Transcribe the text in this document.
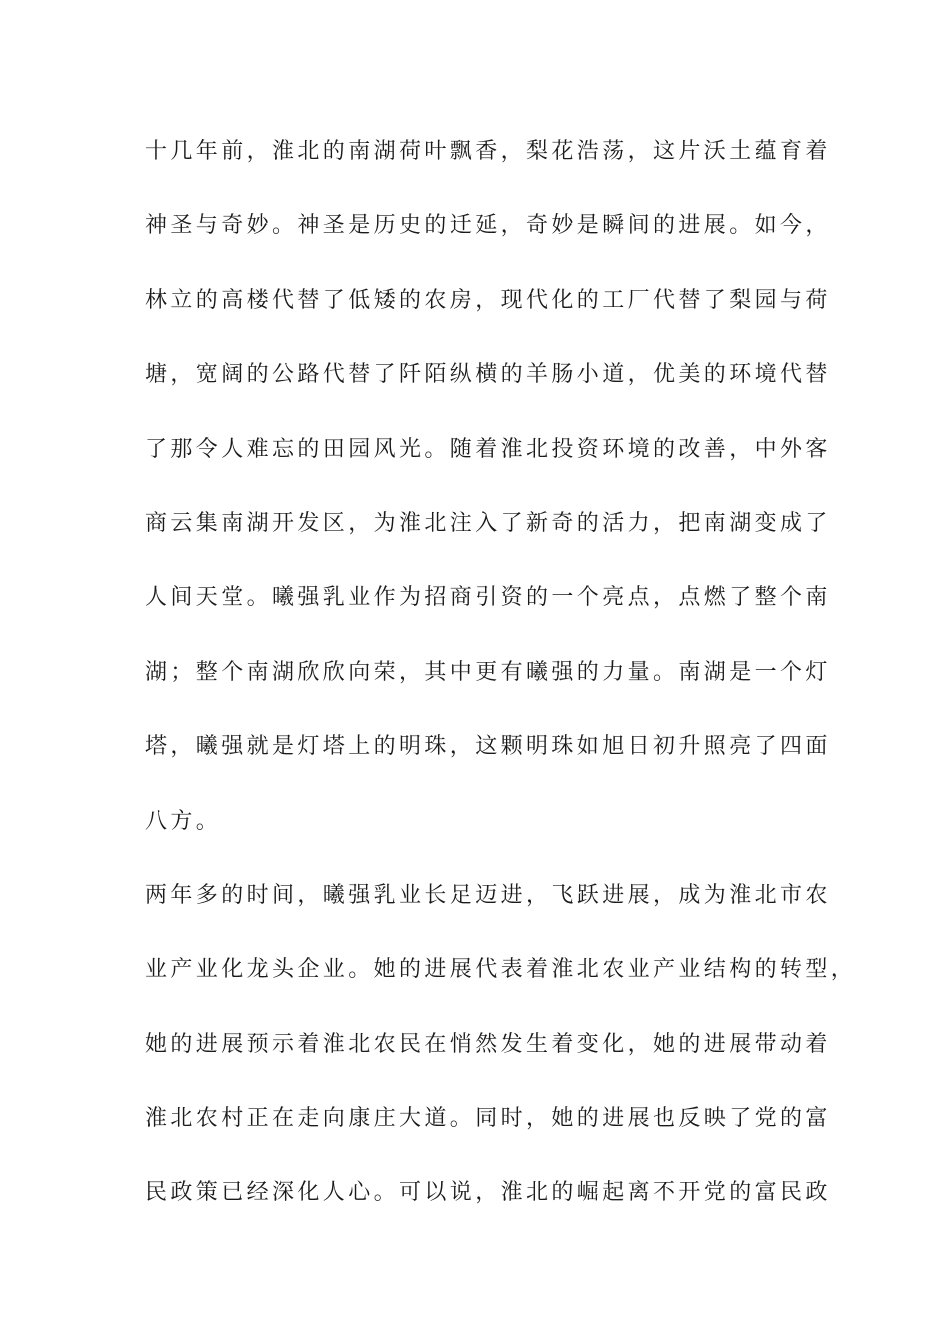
十几年前，淮北的南湖荷叶飘香，梨花浩荡，这片沃土蕴育着
神圣与奇妙。神圣是历史的迁延，奇妙是瞬间的进展。如今，
林立的高楼代替了低矮的农房，现代化的工厂代替了梨园与荷
塘，宽阔的公路代替了阡陌纵横的羊肠小道，优美的环境代替
了那令人难忘的田园风光。随着淮北投资环境的改善，中外客
商云集南湖开发区，为淮北注入了新奇的活力，把南湖变成了
人间天堂。曦强乳业作为招商引资的一个亮点，点燃了整个南
湖；整个南湖欣欣向荣，其中更有曦强的力量。南湖是一个灯
塔，曦强就是灯塔上的明珠，这颗明珠如旭日初升照亮了四面
八方。
两年多的时间，曦强乳业长足迈进，飞跃进展，成为淮北市农
业产业化龙头企业。她的进展代表着淮北农业产业结构的转型，
她的进展预示着淮北农民在悄然发生着变化，她的进展带动着
淮北农村正在走向康庄大道。同时，她的进展也反映了党的富
民政策已经深化人心。可以说，淮北的崛起离不开党的富民政
